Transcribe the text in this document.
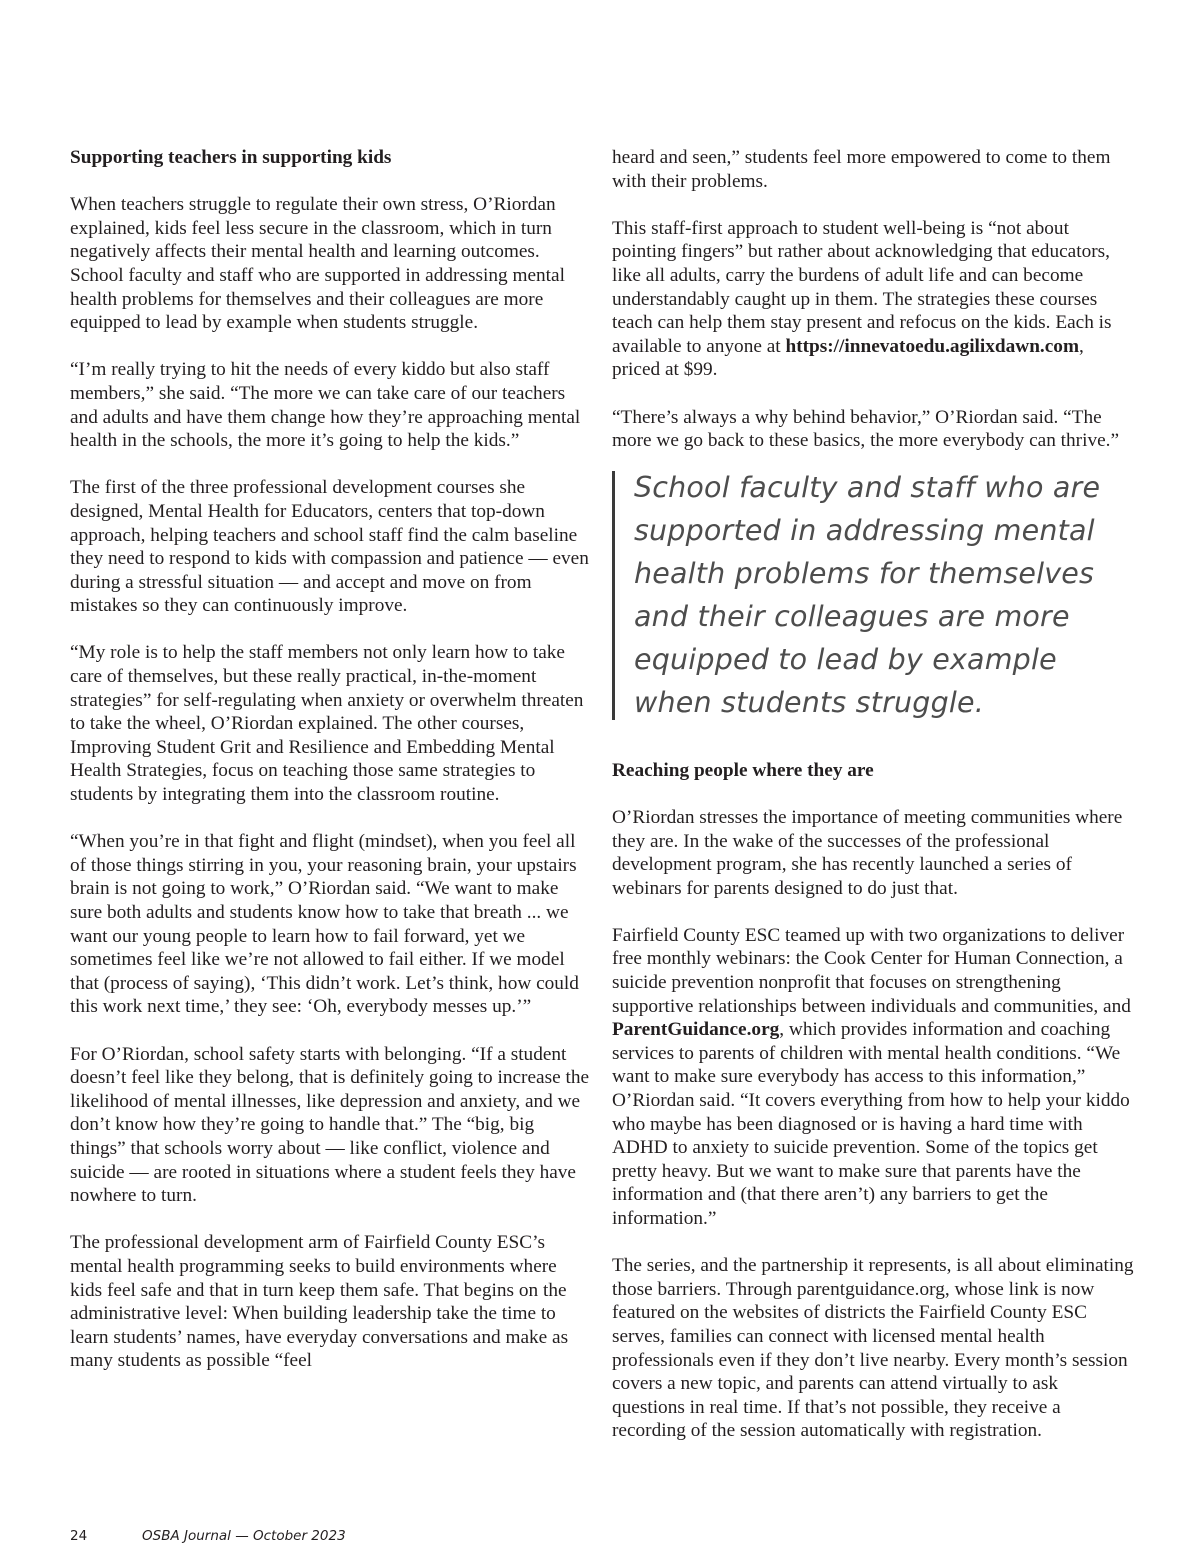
Supporting teachers in supporting kids

When teachers struggle to regulate their own stress, O’Riordan explained, kids feel less secure in the classroom, which in turn negatively affects their mental health and learning outcomes. School faculty and staff who are supported in addressing mental health problems for themselves and their colleagues are more equipped to lead by example when students struggle.

“I’m really trying to hit the needs of every kiddo but also staff members,” she said. “The more we can take care of our teachers and adults and have them change how they’re approaching mental health in the schools, the more it’s going to help the kids.”

The first of the three professional development courses she designed, Mental Health for Educators, centers that top-down approach, helping teachers and school staff find the calm baseline they need to respond to kids with compassion and patience — even during a stressful situation — and accept and move on from mistakes so they can continuously improve.

“My role is to help the staff members not only learn how to take care of themselves, but these really practical, in-the-moment strategies” for self-regulating when anxiety or overwhelm threaten to take the wheel, O’Riordan explained. The other courses, Improving Student Grit and Resilience and Embedding Mental Health Strategies, focus on teaching those same strategies to students by integrating them into the classroom routine.

“When you’re in that fight and flight (mindset), when you feel all of those things stirring in you, your reasoning brain, your upstairs brain is not going to work,” O’Riordan said. “We want to make sure both adults and students know how to take that breath ... we want our young people to learn how to fail forward, yet we sometimes feel like we’re not allowed to fail either. If we model that (process of saying), ‘This didn’t work. Let’s think, how could this work next time,’ they see: ‘Oh, everybody messes up.’”

For O’Riordan, school safety starts with belonging. “If a student doesn’t feel like they belong, that is definitely going to increase the likelihood of mental illnesses, like depression and anxiety, and we don’t know how they’re going to handle that.” The “big, big things” that schools worry about — like conflict, violence and suicide — are rooted in situations where a student feels they have nowhere to turn.

The professional development arm of Fairfield County ESC’s mental health programming seeks to build environments where kids feel safe and that in turn keep them safe. That begins on the administrative level: When building leadership take the time to learn students’ names, have everyday conversations and make as many students as possible “feel

heard and seen,” students feel more empowered to come to them with their problems.

This staff-first approach to student well-being is “not about pointing fingers” but rather about acknowledging that educators, like all adults, carry the burdens of adult life and can become understandably caught up in them. The strategies these courses teach can help them stay present and refocus on the kids. Each is available to anyone at https://innevatoedu.agilixdawn.com, priced at $99.

“There’s always a why behind behavior,” O’Riordan said. “The more we go back to these basics, the more everybody can thrive.”

School faculty and staff who are supported in addressing mental health problems for themselves and their colleagues are more equipped to lead by example when students struggle.

Reaching people where they are

O’Riordan stresses the importance of meeting communities where they are. In the wake of the successes of the professional development program, she has recently launched a series of webinars for parents designed to do just that.

Fairfield County ESC teamed up with two organizations to deliver free monthly webinars: the Cook Center for Human Connection, a suicide prevention nonprofit that focuses on strengthening supportive relationships between individuals and communities, and ParentGuidance.org, which provides information and coaching services to parents of children with mental health conditions. “We want to make sure everybody has access to this information,” O’Riordan said. “It covers everything from how to help your kiddo who maybe has been diagnosed or is having a hard time with ADHD to anxiety to suicide prevention. Some of the topics get pretty heavy. But we want to make sure that parents have the information and (that there aren’t) any barriers to get the information.”

The series, and the partnership it represents, is all about eliminating those barriers. Through parentguidance.org, whose link is now featured on the websites of districts the Fairfield County ESC serves, families can connect with licensed mental health professionals even if they don’t live nearby. Every month’s session covers a new topic, and parents can attend virtually to ask questions in real time. If that’s not possible, they receive a recording of the session automatically with registration.

24	OSBA Journal — October 2023
